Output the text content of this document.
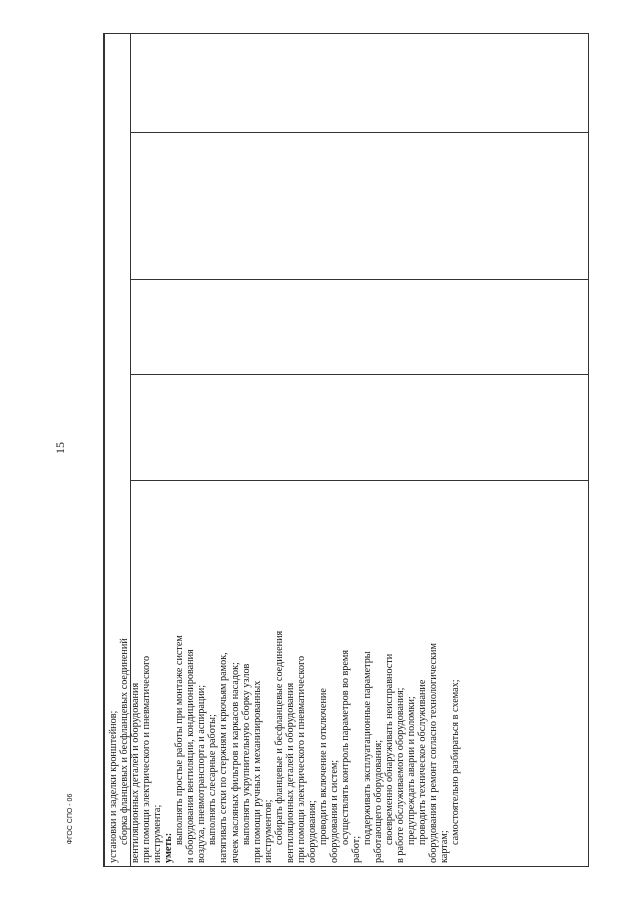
15
установки и заделки кронштейнов; сборка фланцевых и бесфланцевых соединений вентиляционных деталей и оборудования при помощи электрического и пневматического инструмента; уметь:
выполнять простые работы при монтаже систем и оборудования вентиляции, кондиционирования воздуха, пневмотранспорта и аспирации; выполнять слесарные работы; натягивать сетки по стержням и крючьям рамок, ячеек масляных фильтров и каркасов насадок; выполнять укрупнительную сборку узлов при помощи ручных и механизированных инструментов; собирать фланцевые и бесфланцевые соединения вентиляционных деталей и оборудования при помощи электрического и пневматического оборудования; проводить включение и отключение оборудования и систем; осуществлять контроль параметров во время
работ;
поддерживать эксплуатационные параметры работающего оборудования; своевременно обнаруживать неисправности в работе обслуживаемого оборудования; предупреждать аварии и поломки; проводить техническое обслуживание оборудования и ремонт согласно технологическим картам;
самостоятельно разбираться в схемах;
ФГОС СПО - 06
